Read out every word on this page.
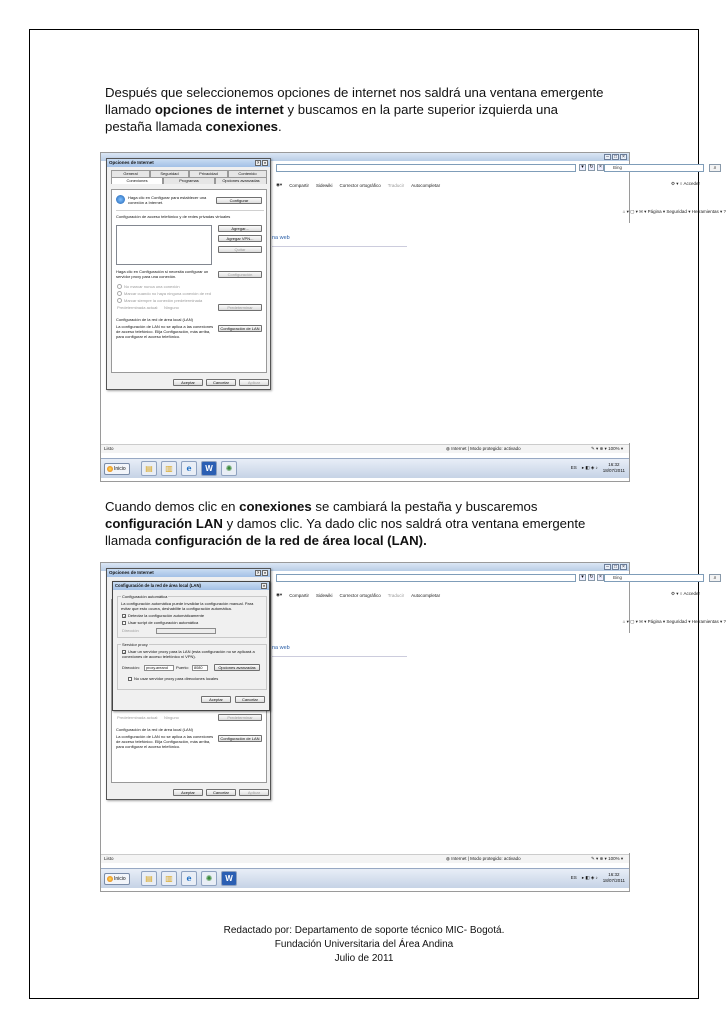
Después que seleccionemos opciones de internet nos saldrá una ventana emergente llamado opciones de internet y buscamos en la parte superior izquierda una pestaña llamada conexiones.

–	□	×
▾	↻	×	Bing	⌕
◉▾ Compartir Sidewiki Corrector ortográfico Traducir Autocompletar	⚙ ▾ ○ Acceder
⌂ ▾ ▢ ▾ ✉ ▾ Página ▾ Seguridad ▾ Herramientas ▾ ?
na web
Listo	◍ Internet | Modo protegido: activado	✎ ▾ ⊕ ▾ 100% ▾
Inicio	▤	▥	e	W	✺	ES ▸ ◧ ◈ ♪	16:32
18/07/2011
Opciones de Internet	?	×
General	Seguridad	Privacidad	Contenido
Conexiones	Programas	Opciones avanzadas
Haga clic en Configurar para establecer una conexión a Internet.	Configurar
Configuración de acceso telefónico y de redes privadas virtuales
Agregar...
Agregar VPN...
Quitar
Haga clic en Configuración si necesita configurar un servidor proxy para una conexión.	Configuración
No marcar nunca una conexión
Marcar cuando no haya ninguna conexión de red
Marcar siempre la conexión predeterminada
Predeterminada actual: Ninguno	Predeterminar
Configuración de la red de área local (LAN)
La configuración de LAN no se aplica a las conexiones de acceso telefónico. Elija Configuración, más arriba, para configurar el acceso telefónico.
Configuración de LAN
Aceptar	Cancelar	Aplicar

Cuando demos clic en conexiones se cambiará la pestaña y buscaremos configuración LAN y damos clic. Ya dado clic nos saldrá otra ventana emergente llamada configuración de la red de área local (LAN).

–	□	×
▾	↻	×	Bing	⌕
◉▾ Compartir Sidewiki Corrector ortográfico Traducir Autocompletar	⚙ ▾ ○ Acceder
⌂ ▾ ▢ ▾ ✉ ▾ Página ▾ Seguridad ▾ Herramientas ▾ ?
na web
Listo	◍ Internet | Modo protegido: activado	✎ ▾ ⊕ ▾ 100% ▾
Inicio	▤	▥	e	✺	W	ES ▸ ◧ ◈ ♪	16:32
18/07/2011
Opciones de Internet	?	×
Predeterminada actual: Ninguno	Predeterminar
Configuración de la red de área local (LAN)
La configuración de LAN no se aplica a las conexiones de acceso telefónico. Elija Configuración, más arriba, para configurar el acceso telefónico.
Configuración de LAN
Aceptar	Cancelar	Aplicar
Configuración de la red de área local (LAN)	×
Configuración automática
La configuración automática puede invalidar la configuración manual. Para evitar que esto ocurra, deshabilite la configuración automática.
✓ Detectar la configuración automáticamente
Usar script de configuración automática
Dirección
Servidor proxy
✓ Usar un servidor proxy para la LAN (esta configuración no se aplicará a conexiones de acceso telefónico ni VPN).
Dirección:	proxy.areand	Puerto:	8080	Opciones avanzadas
No usar servidor proxy para direcciones locales
Aceptar	Cancelar
Redactado por: Departamento de soporte técnico MIC- Bogotá.
Fundación Universitaria del Área Andina
Julio de 2011
